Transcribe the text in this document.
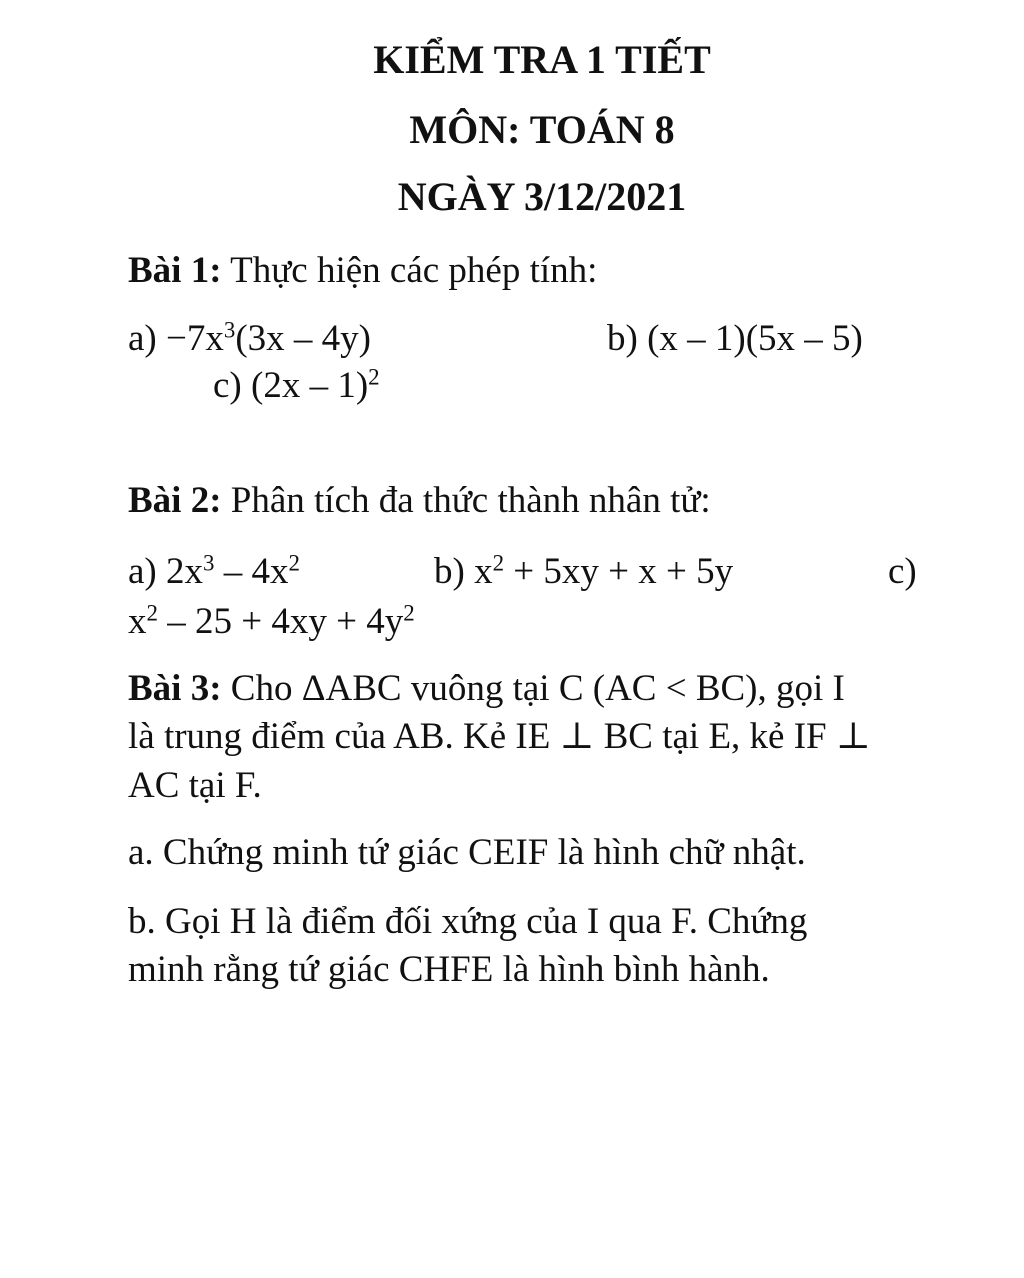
KIỂM TRA 1 TIẾT
MÔN: TOÁN 8
NGÀY 3/12/2021
Bài 1: Thực hiện các phép tính:
$a) -7x^3(3x - 4y)$	b) (x – 1)(5x – 5)
c) (2x – 1)$^2$
Bài 2: Phân tích đa thức thành nhân tử:
a) $2x^3 - 4x^2$	b) $x^2 + 5xy + x + 5y$	c)
$x^2 - 25 + 4xy + 4y^2$
Bài 3: Cho ΔABC vuông tại C (AC < BC), gọi I
là trung điểm của AB. Kẻ IE ⊥ BC tại E, kẻ IF ⊥
AC tại F.
a. Chứng minh tứ giác CEIF là hình chữ nhật.
b. Gọi H là điểm đối xứng của I qua F. Chứng
minh rằng tứ giác CHFE là hình bình hành.
